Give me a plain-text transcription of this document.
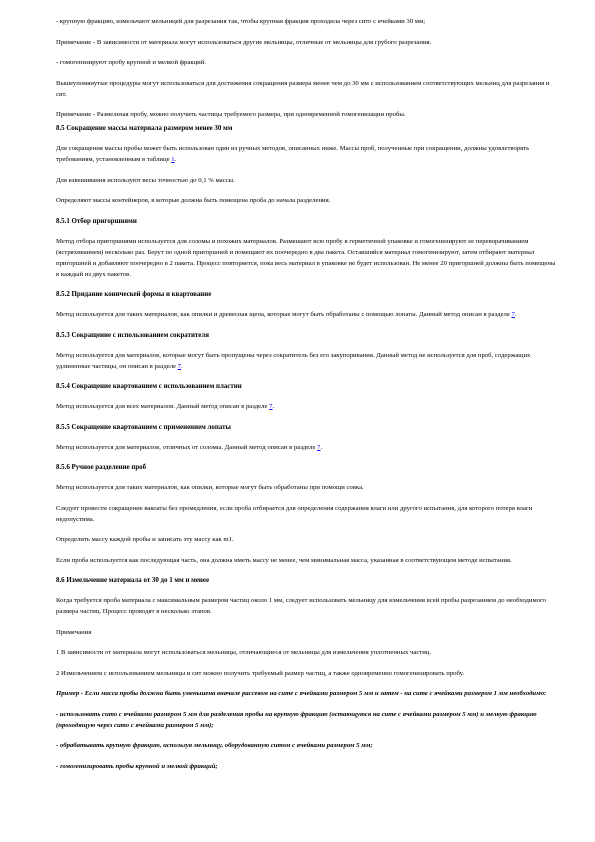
- крупную фракцию, измельчают мельницей для разрезания так, чтобы крупная фракция проходила через сито с ячейками 30 мм;

Примечание - В зависимости от материала могут использоваться другие мельницы, отличные от мельницы для грубого разрезания.

- гомогенизируют пробу крупной и мелкой фракций.

Вышеупомянутые процедуры могут использоваться для достижения сокращения размера менее чем до 30 мм с использованием соответствующих мельниц для разрезания и сит.

Примечание - Размельчая пробу, можно получить частицы требуемого размера, при одновременной гомогенизации пробы.

8.5 Сокращение массы материала размером менее 30 мм

Для сокращения массы пробы может быть использован один из ручных методов, описанных ниже. Массы проб, полученные при сокращении, должны удовлетворять требованиям, установленным в таблице 1.

Для взвешивания используют весы точностью до 0,1 % массы.

Определяют массы контейнеров, в которые должна быть помещена проба до начала разделения.

8.5.1 Отбор пригоршнями

Метод отбора пригоршнями используется для соломы и похожих материалов. Размешают всю пробу в герметичной упаковке и гомогенизируют ее переворачиванием (встряхиванием) несколько раз. Берут по одной пригоршней и помещают их поочередно в два пакета. Оставшийся материал гомогенизируют, затем отбирают материал пригоршней и добавляют поочередно в 2 пакета. Процесс повторяется, пока весь материал в упаковке не будет использован. Не менее 20 пригоршней должны быть помещены в каждый из двух пакетов.

8.5.2 Придание коническей формы и квартование

Метод используется для таких материалов, как опилки и древесная щепа, которые могут быть обработаны с помощью лопаты. Данный метод описан в разделе 7.

8.5.3 Сокращение с использованием сократителя

Метод используется для материалов, которые могут быть пропущены через сократитель без его закупоривания. Данный метод не используется для проб, содержащих удлиненные частицы, он описан в разделе 7.

8.5.4 Сокращение квартованием с использованием пластин

Метод используется для всех материалов. Данный метод описан в разделе 7.

8.5.5 Сокращение квартованием с применением лопаты

Метод используется для материалов, отличных от соломы. Данный метод описан в разделе 7.

8.5.6 Ручное разделение проб

Метод используется для таких материалов, как опилки, которые могут быть обработаны при помощи совка.

Следует провести сокращение вакоаты без промедления, если проба отбирается для определения содержания влаги или другого испытания, для которого потеря влаги недопустима.

Определить массу каждой пробы и записать эту массу как m1.

Если проба используется как последующая часть, она должна иметь массу не менее, чем минимальная масса, указанная в соответствующем методе испытания.

8.6 Измельчение материала от 30 до 1 мм и менее

Когда требуется проба материала с максимальным размером частиц около 1 мм, следует использовать мельницу для измельчения всей пробы разрезанием до необходимого размера частиц. Процесс проводят в несколько этапов.

Примечания

1 В зависимости от материала могут использоваться мельницы, отличающиеся от мельницы для измельчения уплотненных частиц.

2 Измельчением с использованием мельницы и сит можно получить требуемый размер частиц, а также одновременно гомогенизировать пробу.

Пример - Если масса пробы должна быть уменьшена вначале рассевом на сите с ячейками размером 5 мм и затем - на сите с ячейками размером 1 мм необходимо:

- использовать сито с ячейками размером 5 мм для разделения пробы на крупную фракцию (остающуюся на сите с ячейками размером 5 мм) и мелкую фракцию (проходящую через сито с ячейками размером 5 мм);

- обрабатывать крупную фракцию, используя мельницу, оборудованную ситом с ячейками размером 5 мм;

- гомогенизировать пробы крупной и мелкой фракций;
